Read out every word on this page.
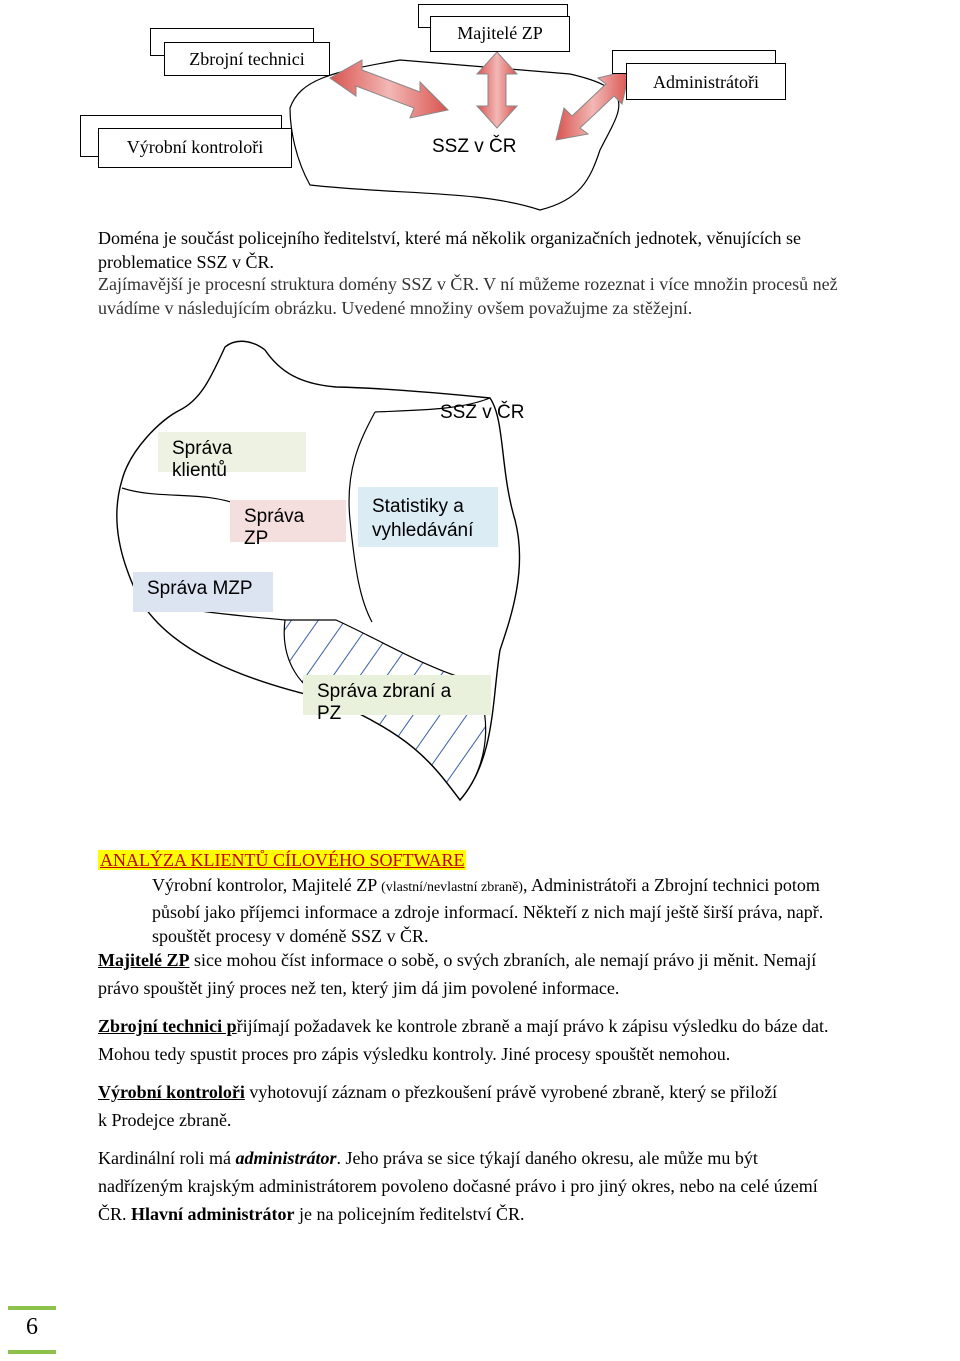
Zbrojní technici
Majitelé ZP
Administrátoři
Výrobní kontroloři	SSZ v ČR
Doména je součást policejního ředitelství, které má několik organizačních jednotek, věnujících se
problematice SSZ v ČR.
Zajímavější je procesní struktura domény SSZ v ČR. V ní můžeme rozeznat i více množin procesů než
uvádíme v následujícím obrázku. Uvedené množiny ovšem považujme za stěžejní.
SSZ v ČR
Správa klientů
Správa ZP
Statistiky a
vyhledávání
Správa MZP
Správa zbraní a PZ
ANALÝZA KLIENTŮ CÍLOVÉHO SOFTWARE
Výrobní kontrolor, Majitelé ZP (vlastní/nevlastní zbraně), Administrátoři a Zbrojní technici potom
působí jako příjemci informace a zdroje informací. Někteří z nich mají ještě širší práva, např.
spouštět procesy v doméně SSZ v ČR.
Majitelé ZP sice mohou číst informace o sobě, o svých zbraních, ale nemají právo ji měnit. Nemají
právo spouštět jiný proces než ten, který jim dá jim povolené informace.
Zbrojní technici přijímají požadavek ke kontrole zbraně a mají právo k zápisu výsledku do báze dat.
Mohou tedy spustit proces pro zápis výsledku kontroly. Jiné procesy spouštět nemohou.
Výrobní kontroloři vyhotovují záznam o přezkoušení právě vyrobené zbraně, který se přiloží
k Prodejce zbraně.
Kardinální roli má administrátor. Jeho práva se sice týkají daného okresu, ale může mu být
nadřízeným krajským administrátorem povoleno dočasné právo i pro jiný okres, nebo na celé území
ČR. Hlavní administrátor je na policejním ředitelství ČR.
6
